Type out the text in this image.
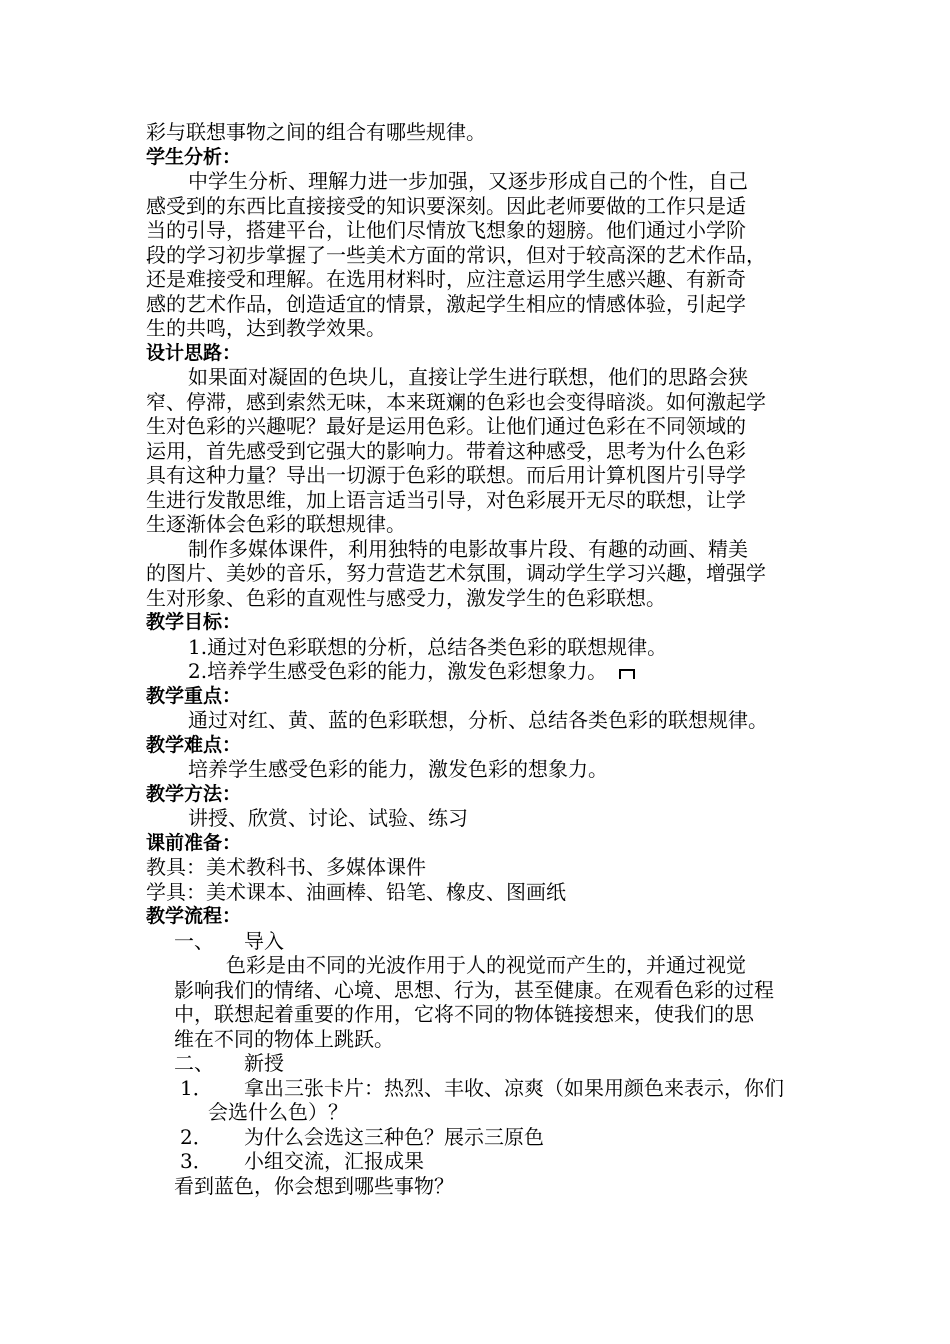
彩与联想事物之间的组合有哪些规律。
学生分析：
中学生分析、理解力进一步加强，又逐步形成自己的个性，自己
感受到的东西比直接接受的知识要深刻。因此老师要做的工作只是适
当的引导，搭建平台，让他们尽情放飞想象的翅膀。他们通过小学阶
段的学习初步掌握了一些美术方面的常识，但对于较高深的艺术作品，
还是难接受和理解。在选用材料时，应注意运用学生感兴趣、有新奇
感的艺术作品，创造适宜的情景，激起学生相应的情感体验，引起学
生的共鸣，达到教学效果。
设计思路：
如果面对凝固的色块儿，直接让学生进行联想，他们的思路会狭
窄、停滞，感到索然无味，本来斑斓的色彩也会变得暗淡。如何激起学
生对色彩的兴趣呢？最好是运用色彩。让他们通过色彩在不同领域的
运用，首先感受到它强大的影响力。带着这种感受，思考为什么色彩
具有这种力量？导出一切源于色彩的联想。而后用计算机图片引导学
生进行发散思维，加上语言适当引导，对色彩展开无尽的联想，让学
生逐渐体会色彩的联想规律。
制作多媒体课件，利用独特的电影故事片段、有趣的动画、精美
的图片、美妙的音乐，努力营造艺术氛围，调动学生学习兴趣，增强学
生对形象、色彩的直观性与感受力，激发学生的色彩联想。
教学目标：
1.通过对色彩联想的分析，总结各类色彩的联想规律。
2.培养学生感受色彩的能力，激发色彩想象力。
教学重点：
通过对红、黄、蓝的色彩联想，分析、总结各类色彩的联想规律。
教学难点：
培养学生感受色彩的能力，激发色彩的想象力。
教学方法：
讲授、欣赏、讨论、试验、练习
课前准备：
教具：美术教科书、多媒体课件
学具：美术课本、油画棒、铅笔、橡皮、图画纸
教学流程：
一、 导入
色彩是由不同的光波作用于人的视觉而产生的，并通过视觉
影响我们的情绪、心境、思想、行为，甚至健康。在观看色彩的过程
中，联想起着重要的作用，它将不同的物体链接想来，使我们的思
维在不同的物体上跳跃。
二、 新授
1． 拿出三张卡片：热烈、丰收、凉爽（如果用颜色来表示，你们
会选什么色）？
2． 为什么会选这三种色？展示三原色
3． 小组交流，汇报成果
看到蓝色，你会想到哪些事物？
